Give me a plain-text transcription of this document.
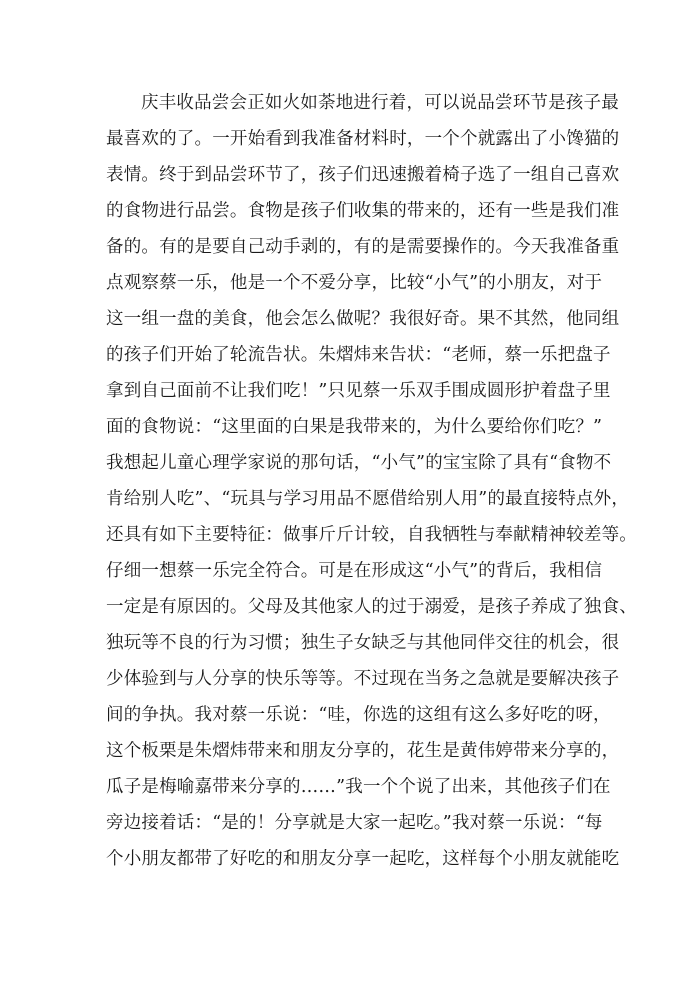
庆丰收品尝会正如火如荼地进行着，可以说品尝环节是孩子最
最喜欢的了。一开始看到我准备材料时，一个个就露出了小馋猫的
表情。终于到品尝环节了，孩子们迅速搬着椅子选了一组自己喜欢
的食物进行品尝。食物是孩子们收集的带来的，还有一些是我们准
备的。有的是要自己动手剥的，有的是需要操作的。今天我准备重
点观察蔡一乐，他是一个不爱分享，比较“小气”的小朋友，对于
这一组一盘的美食，他会怎么做呢？我很好奇。果不其然，他同组
的孩子们开始了轮流告状。朱熠炜来告状：“老师，蔡一乐把盘子
拿到自己面前不让我们吃！”只见蔡一乐双手围成圆形护着盘子里
面的食物说：“这里面的白果是我带来的，为什么要给你们吃？”
我想起儿童心理学家说的那句话，“小气”的宝宝除了具有“食物不
肯给别人吃”、“玩具与学习用品不愿借给别人用”的最直接特点外，
还具有如下主要特征：做事斤斤计较，自我牺牲与奉献精神较差等。
仔细一想蔡一乐完全符合。可是在形成这“小气”的背后，我相信
一定是有原因的。父母及其他家人的过于溺爱，是孩子养成了独食、
独玩等不良的行为习惯；独生子女缺乏与其他同伴交往的机会，很
少体验到与人分享的快乐等等。不过现在当务之急就是要解决孩子
间的争执。我对蔡一乐说：“哇，你选的这组有这么多好吃的呀，
这个板栗是朱熠炜带来和朋友分享的，花生是黄伟婷带来分享的，
瓜子是梅喻嘉带来分享的……”我一个个说了出来，其他孩子们在
旁边接着话：“是的！分享就是大家一起吃。”我对蔡一乐说：“每
个小朋友都带了好吃的和朋友分享一起吃，这样每个小朋友就能吃
